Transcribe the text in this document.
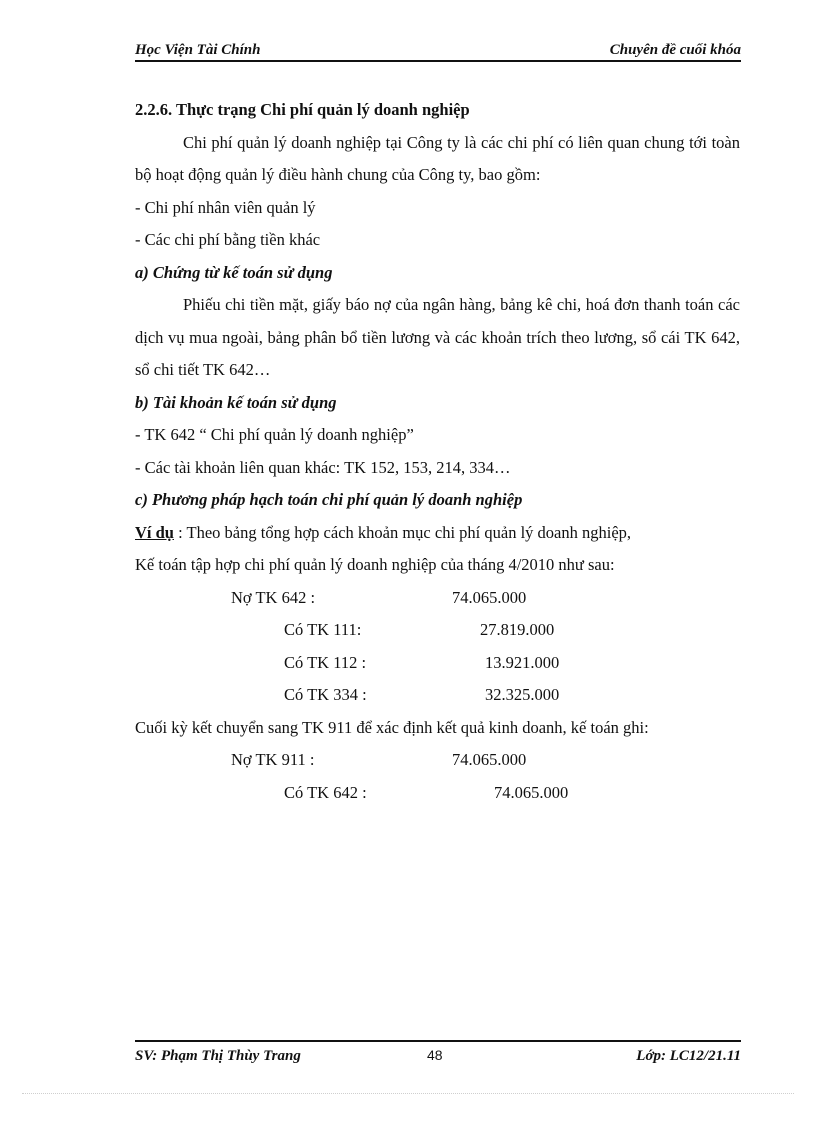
Học Viện Tài Chính	Chuyên đề cuối khóa

2.2.6. Thực trạng Chi phí quản lý doanh nghiệp

Chi phí quản lý doanh nghiệp tại Công ty là các chi phí có liên quan chung tới toàn bộ hoạt động quản lý điều hành chung của Công ty, bao gồm:

- Chi phí nhân viên quản lý

- Các chi phí bằng tiền khác

a) Chứng từ kế toán sử dụng

Phiếu chi tiền mặt, giấy báo nợ của ngân hàng, bảng kê chi, hoá đơn thanh toán các dịch vụ mua ngoài, bảng phân bổ tiền lương và các khoản trích theo lương, sổ cái TK 642, sổ chi tiết TK 642…

b) Tài khoản kế toán sử dụng

- TK 642 “ Chi phí quản lý doanh nghiệp”

- Các tài khoản liên quan khác: TK 152, 153, 214, 334…

c) Phương pháp hạch toán chi phí quản lý doanh nghiệp

Ví dụ : Theo bảng tổng hợp cách khoản mục chi phí quản lý doanh nghiệp,

Kế toán tập hợp chi phí quản lý doanh nghiệp của tháng 4/2010 như sau:

Nợ TK 642 :	74.065.000
Có TK 111:	27.819.000
Có TK 112 :	13.921.000
Có TK 334 :	32.325.000

Cuối kỳ kết chuyển sang TK 911 để xác định kết quả kinh doanh, kế toán ghi:

Nợ TK 911 :	74.065.000
Có TK 642 :	74.065.000
SV: Phạm Thị Thùy Trang	48	Lớp: LC12/21.11
